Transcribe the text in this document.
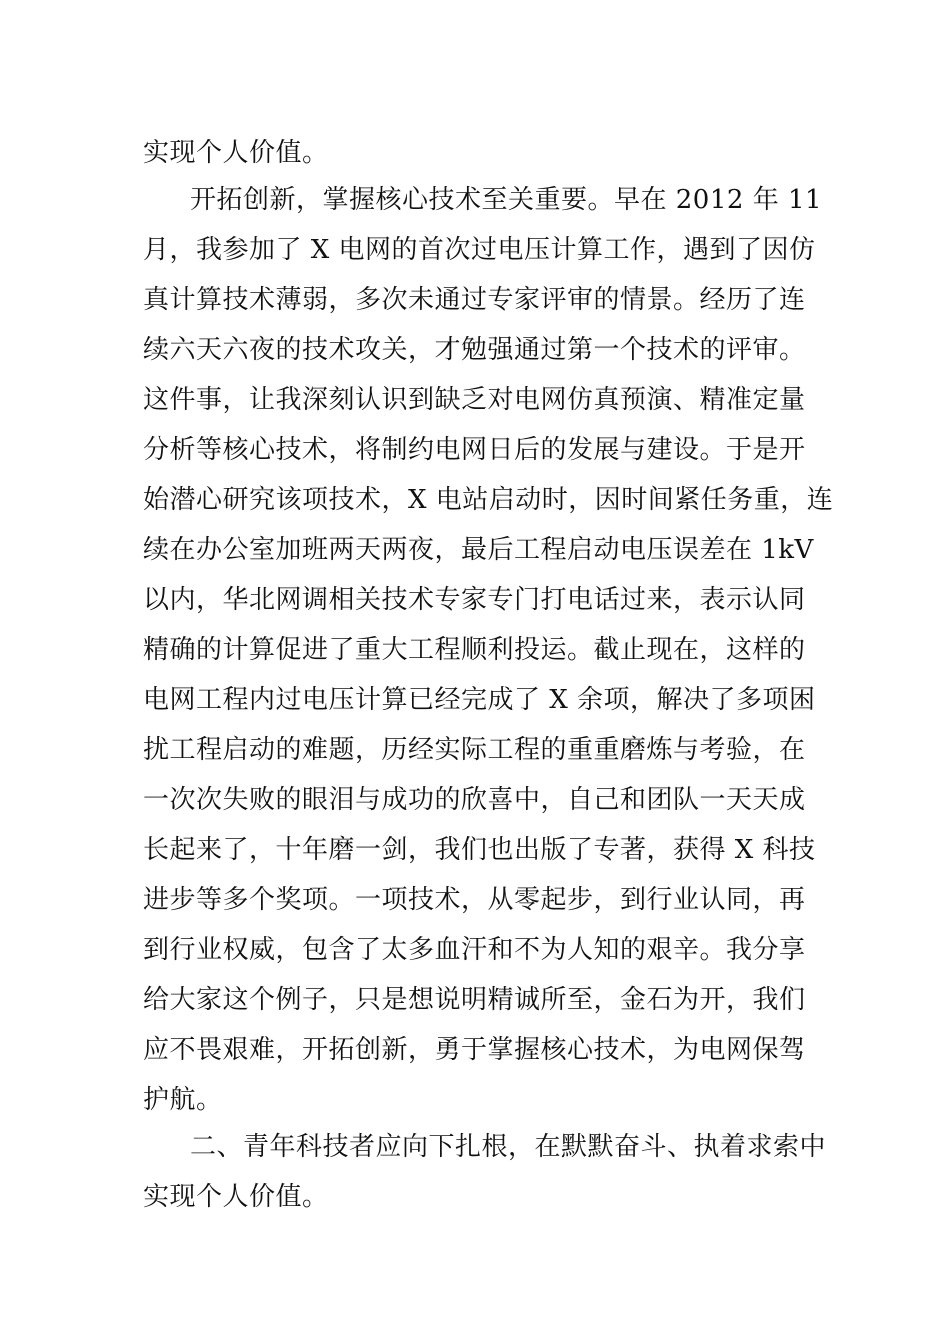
实现个人价值。
开拓创新，掌握核心技术至关重要。早在 2012 年 11
月，我参加了 X 电网的首次过电压计算工作，遇到了因仿
真计算技术薄弱，多次未通过专家评审的情景。经历了连
续六天六夜的技术攻关，才勉强通过第一个技术的评审。
这件事，让我深刻认识到缺乏对电网仿真预演、精准定量
分析等核心技术，将制约电网日后的发展与建设。于是开
始潜心研究该项技术，X 电站启动时，因时间紧任务重，连
续在办公室加班两天两夜，最后工程启动电压误差在 1kV
以内，华北网调相关技术专家专门打电话过来，表示认同
精确的计算促进了重大工程顺利投运。截止现在，这样的
电网工程内过电压计算已经完成了 X 余项，解决了多项困
扰工程启动的难题，历经实际工程的重重磨炼与考验，在
一次次失败的眼泪与成功的欣喜中，自己和团队一天天成
长起来了，十年磨一剑，我们也出版了专著，获得 X 科技
进步等多个奖项。一项技术，从零起步，到行业认同，再
到行业权威，包含了太多血汗和不为人知的艰辛。我分享
给大家这个例子，只是想说明精诚所至，金石为开，我们
应不畏艰难，开拓创新，勇于掌握核心技术，为电网保驾
护航。
二、青年科技者应向下扎根，在默默奋斗、执着求索中
实现个人价值。
